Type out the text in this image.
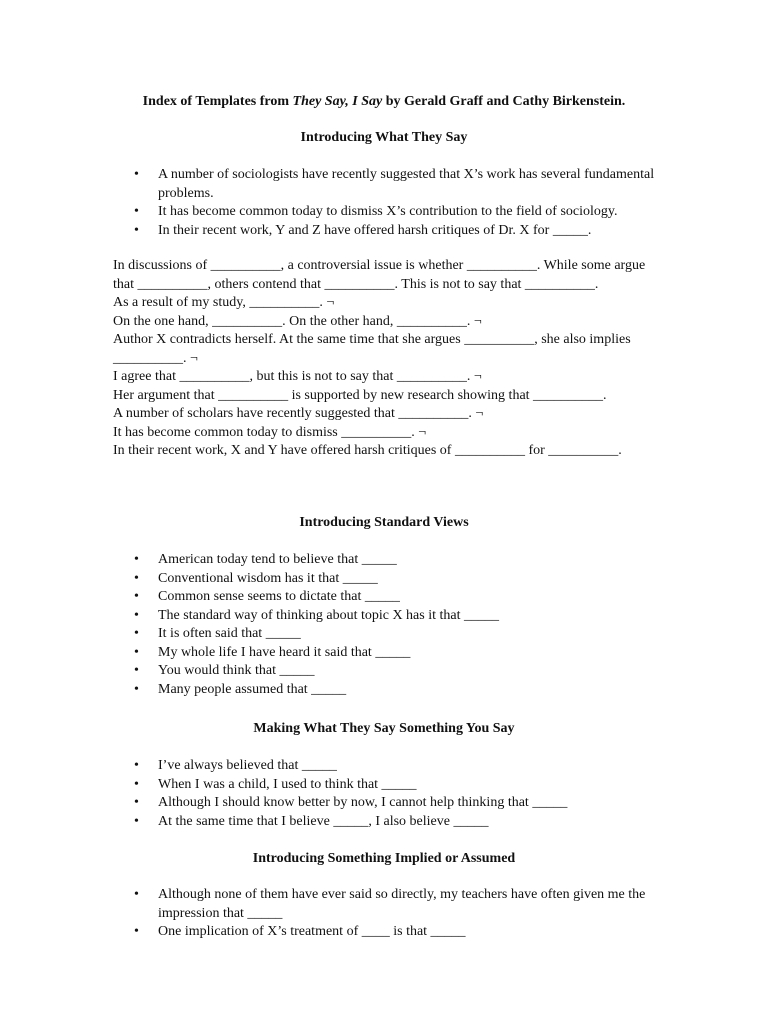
Index of Templates from They Say, I Say by Gerald Graff and Cathy Birkenstein.
Introducing What They Say
• A number of sociologists have recently suggested that X’s work has several fundamental problems.
• It has become common today to dismiss X’s contribution to the field of sociology.
• In their recent work, Y and Z have offered harsh critiques of Dr. X for _____.

In discussions of __________, a controversial issue is whether __________. While some argue that __________, others contend that __________. This is not to say that __________.

As a result of my study, __________. ¬

On the one hand, __________. On the other hand, __________. ¬

Author X contradicts herself. At the same time that she argues __________, she also implies __________. ¬

I agree that __________, but this is not to say that __________. ¬

Her argument that __________ is supported by new research showing that __________.

A number of scholars have recently suggested that __________. ¬

It has become common today to dismiss __________. ¬

In their recent work, X and Y have offered harsh critiques of __________ for __________.

Introducing Standard Views
• American today tend to believe that _____
• Conventional wisdom has it that _____
• Common sense seems to dictate that _____
• The standard way of thinking about topic X has it that _____
• It is often said that _____
• My whole life I have heard it said that _____
• You would think that _____
• Many people assumed that _____
Making What They Say Something You Say
• I’ve always believed that _____
• When I was a child, I used to think that _____
• Although I should know better by now, I cannot help thinking that _____
• At the same time that I believe _____, I also believe _____
Introducing Something Implied or Assumed
• Although none of them have ever said so directly, my teachers have often given me the impression that _____
• One implication of X’s treatment of ____ is that _____
